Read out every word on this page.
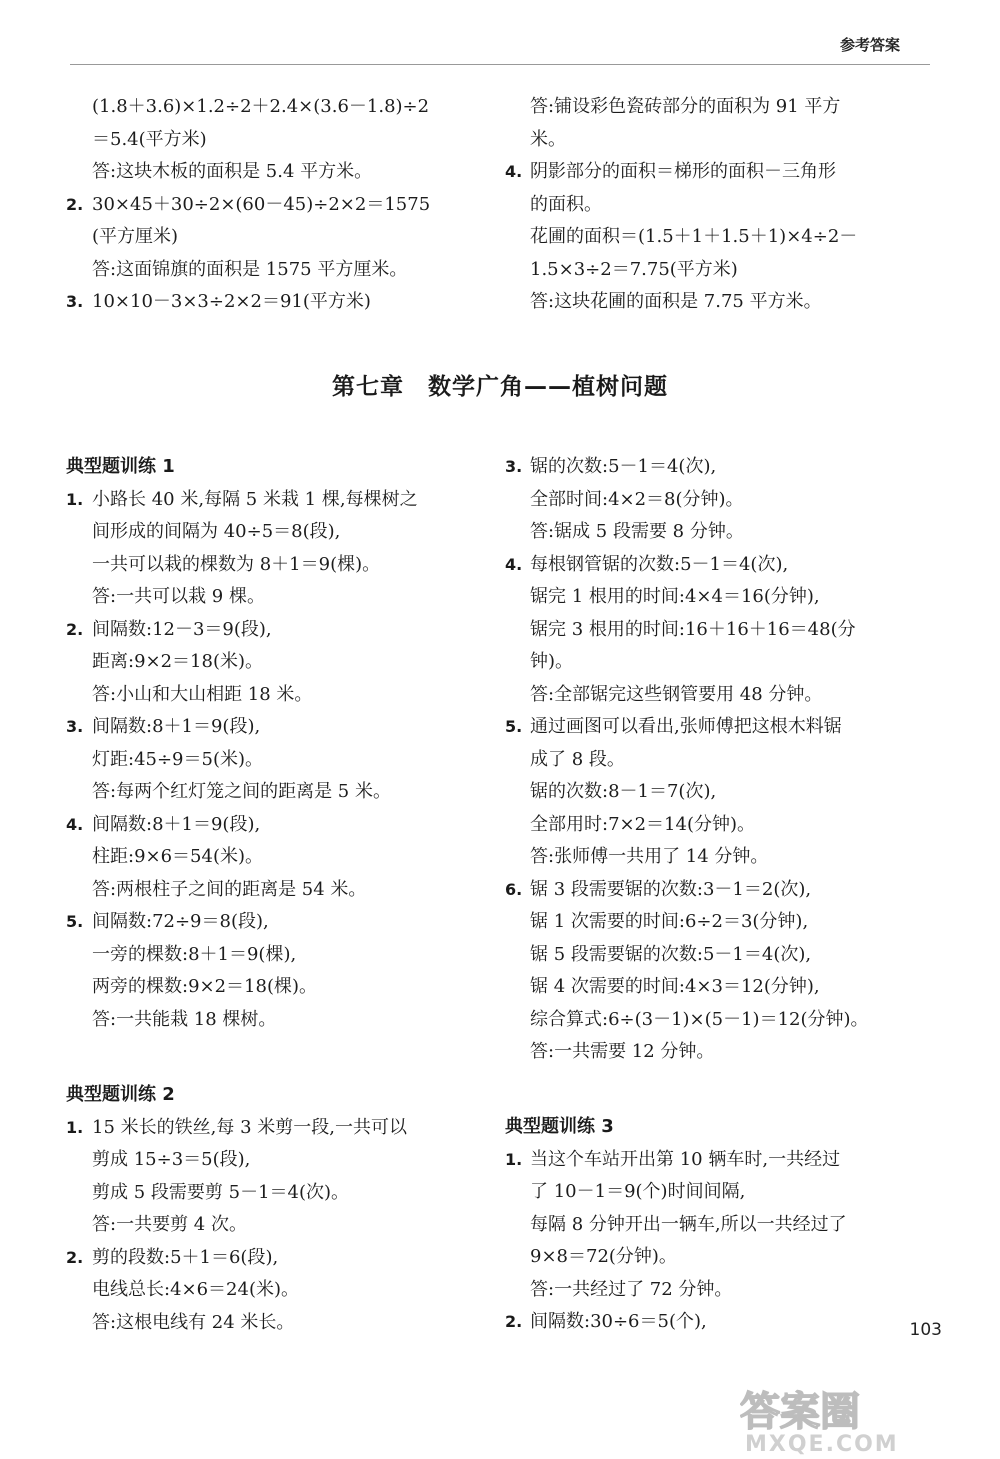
参考答案
(1.8＋3.6)×1.2÷2＋2.4×(3.6－1.8)÷2
＝5.4(平方米)
答:这块木板的面积是 5.4 平方米。
2. 30×45＋30÷2×(60－45)÷2×2＝1575
(平方厘米)
答:这面锦旗的面积是 1575 平方厘米。
3. 10×10－3×3÷2×2＝91(平方米)
答:铺设彩色瓷砖部分的面积为 91 平方
米。
4. 阴影部分的面积＝梯形的面积－三角形
的面积。
花圃的面积＝(1.5＋1＋1.5＋1)×4÷2－
1.5×3÷2＝7.75(平方米)
答:这块花圃的面积是 7.75 平方米。
第七章　数学广角——植树问题
典型题训练 1
1. 小路长 40 米,每隔 5 米栽 1 棵,每棵树之
间形成的间隔为 40÷5＝8(段),
一共可以栽的棵数为 8＋1＝9(棵)。
答:一共可以栽 9 棵。
2. 间隔数:12－3＝9(段),
距离:9×2＝18(米)。
答:小山和大山相距 18 米。
3. 间隔数:8＋1＝9(段),
灯距:45÷9＝5(米)。
答:每两个红灯笼之间的距离是 5 米。
4. 间隔数:8＋1＝9(段),
柱距:9×6＝54(米)。
答:两根柱子之间的距离是 54 米。
5. 间隔数:72÷9＝8(段),
一旁的棵数:8＋1＝9(棵),
两旁的棵数:9×2＝18(棵)。
答:一共能栽 18 棵树。
典型题训练 2
1. 15 米长的铁丝,每 3 米剪一段,一共可以
剪成 15÷3＝5(段),
剪成 5 段需要剪 5－1＝4(次)。
答:一共要剪 4 次。
2. 剪的段数:5＋1＝6(段),
电线总长:4×6＝24(米)。
答:这根电线有 24 米长。
3. 锯的次数:5－1＝4(次),
全部时间:4×2＝8(分钟)。
答:锯成 5 段需要 8 分钟。
4. 每根钢管锯的次数:5－1＝4(次),
锯完 1 根用的时间:4×4＝16(分钟),
锯完 3 根用的时间:16＋16＋16＝48(分
钟)。
答:全部锯完这些钢管要用 48 分钟。
5. 通过画图可以看出,张师傅把这根木料锯
成了 8 段。
锯的次数:8－1＝7(次),
全部用时:7×2＝14(分钟)。
答:张师傅一共用了 14 分钟。
6. 锯 3 段需要锯的次数:3－1＝2(次),
锯 1 次需要的时间:6÷2＝3(分钟),
锯 5 段需要锯的次数:5－1＝4(次),
锯 4 次需要的时间:4×3＝12(分钟),
综合算式:6÷(3－1)×(5－1)＝12(分钟)。
答:一共需要 12 分钟。
典型题训练 3
1. 当这个车站开出第 10 辆车时,一共经过
了 10－1＝9(个)时间间隔,
每隔 8 分钟开出一辆车,所以一共经过了
9×8＝72(分钟)。
答:一共经过了 72 分钟。
2. 间隔数:30÷6＝5(个),	103
答案圈
MXQE.COM
